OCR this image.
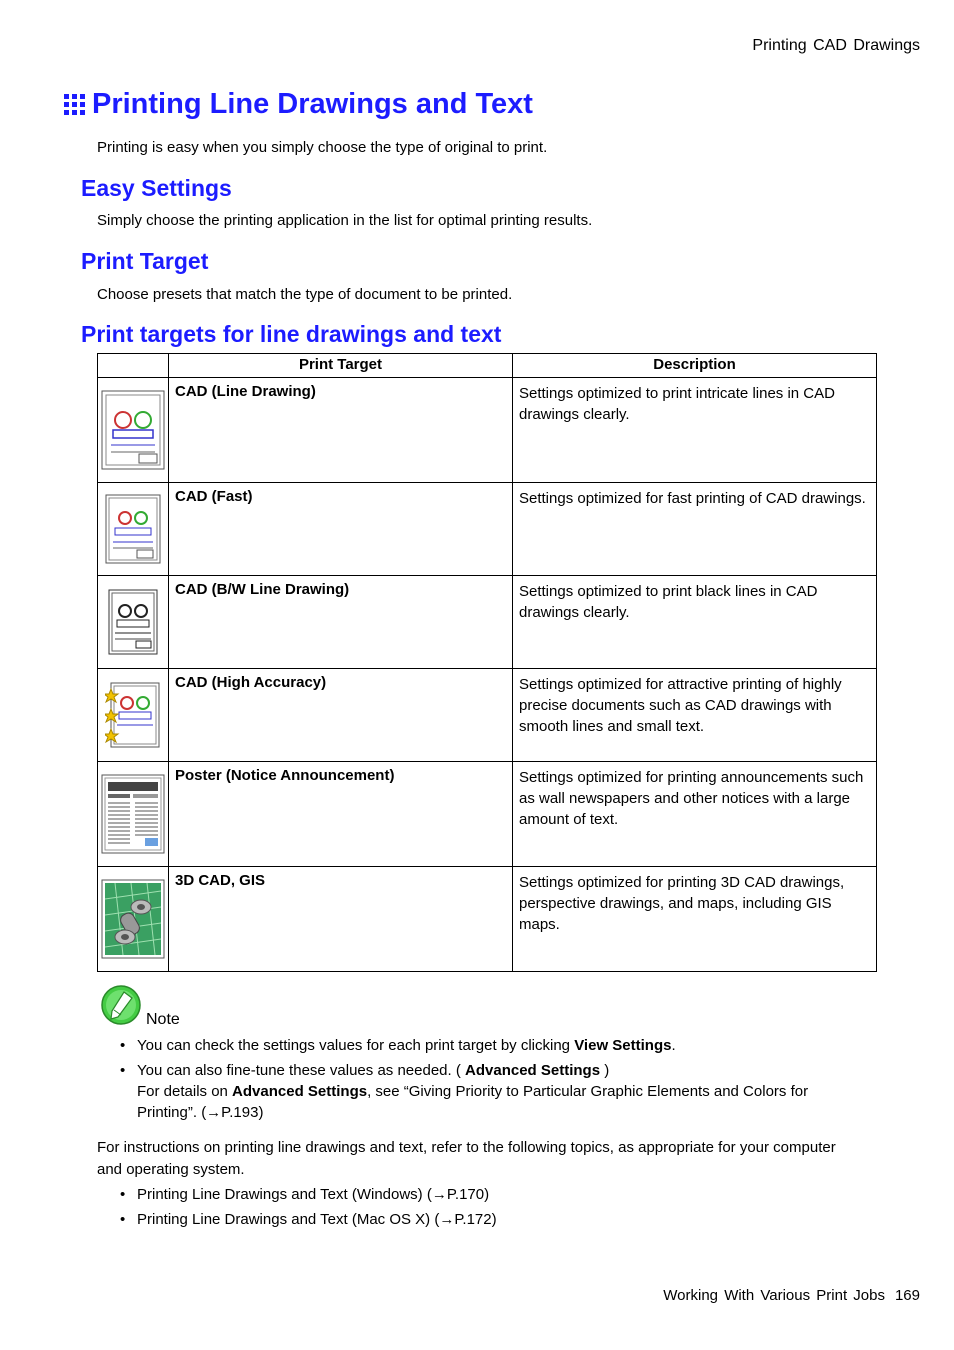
Printing CAD Drawings
Printing Line Drawings and Text
Printing is easy when you simply choose the type of original to print.
Easy Settings
Simply choose the printing application in the list for optimal printing results.
Print Target
Choose presets that match the type of document to be printed.
Print targets for line drawings and text
	Print Target	Description

	CAD (Line Drawing)	Settings optimized to print intricate lines in CAD drawings clearly.

	CAD (Fast)	Settings optimized for fast printing of CAD drawings.

	CAD (B/W Line Drawing)	Settings optimized to print black lines in CAD drawings clearly.

	CAD (High Accuracy)	Settings optimized for attractive printing of highly precise documents such as CAD drawings with smooth lines and small text.

	Poster (Notice Announcement)	Settings optimized for printing announcements such as wall newspapers and other notices with a large amount of text.

	3D CAD, GIS	Settings optimized for printing 3D CAD drawings, perspective drawings, and maps, including GIS maps.
Note
• You can check the settings values for each print target by clicking View Settings.
• You can also fine-tune these values as needed. ( Advanced Settings )
For details on Advanced Settings, see “Giving Priority to Particular Graphic Elements and Colors for Printing”. (→P.193)
For instructions on printing line drawings and text, refer to the following topics, as appropriate for your computer and operating system.
• Printing Line Drawings and Text (Windows) (→P.170)
• Printing Line Drawings and Text (Mac OS X) (→P.172)
Working With Various Print Jobs 169
